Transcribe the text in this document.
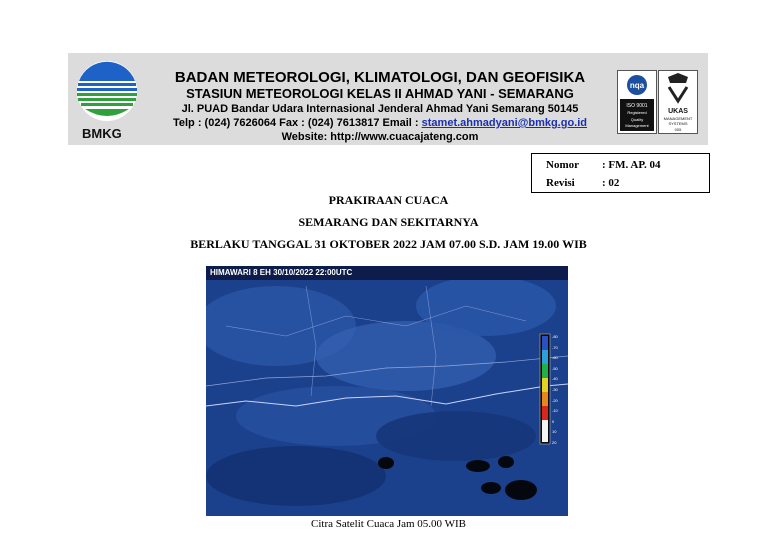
BMKG
BADAN METEOROLOGI, KLIMATOLOGI, DAN GEOFISIKA
STASIUN METEOROLOGI KELAS II AHMAD YANI - SEMARANG
Jl. PUAD Bandar Udara Internasional Jenderal Ahmad Yani Semarang 50145
Telp : (024) 7626064 Fax : (024) 7613817 Email : stamet.ahmadyani@bmkg.go.id
Website: http://www.cuacajateng.com
nqa
ISO 9001
Registered
Quality
Management
UKAS
MANAGEMENT
SYSTEMS
005
Nomor : FM. AP. 04
Revisi : 02
PRAKIRAAN CUACA
SEMARANG DAN SEKITARNYA
BERLAKU TANGGAL 31 OKTOBER 2022 JAM 07.00 S.D. JAM 19.00 WIB
HIMAWARI 8 EH 30/10/2022 22:00UTC
-80
-70
-60
-50
-40
-30
-20
-10
0
10
20
Citra Satelit Cuaca Jam 05.00 WIB
